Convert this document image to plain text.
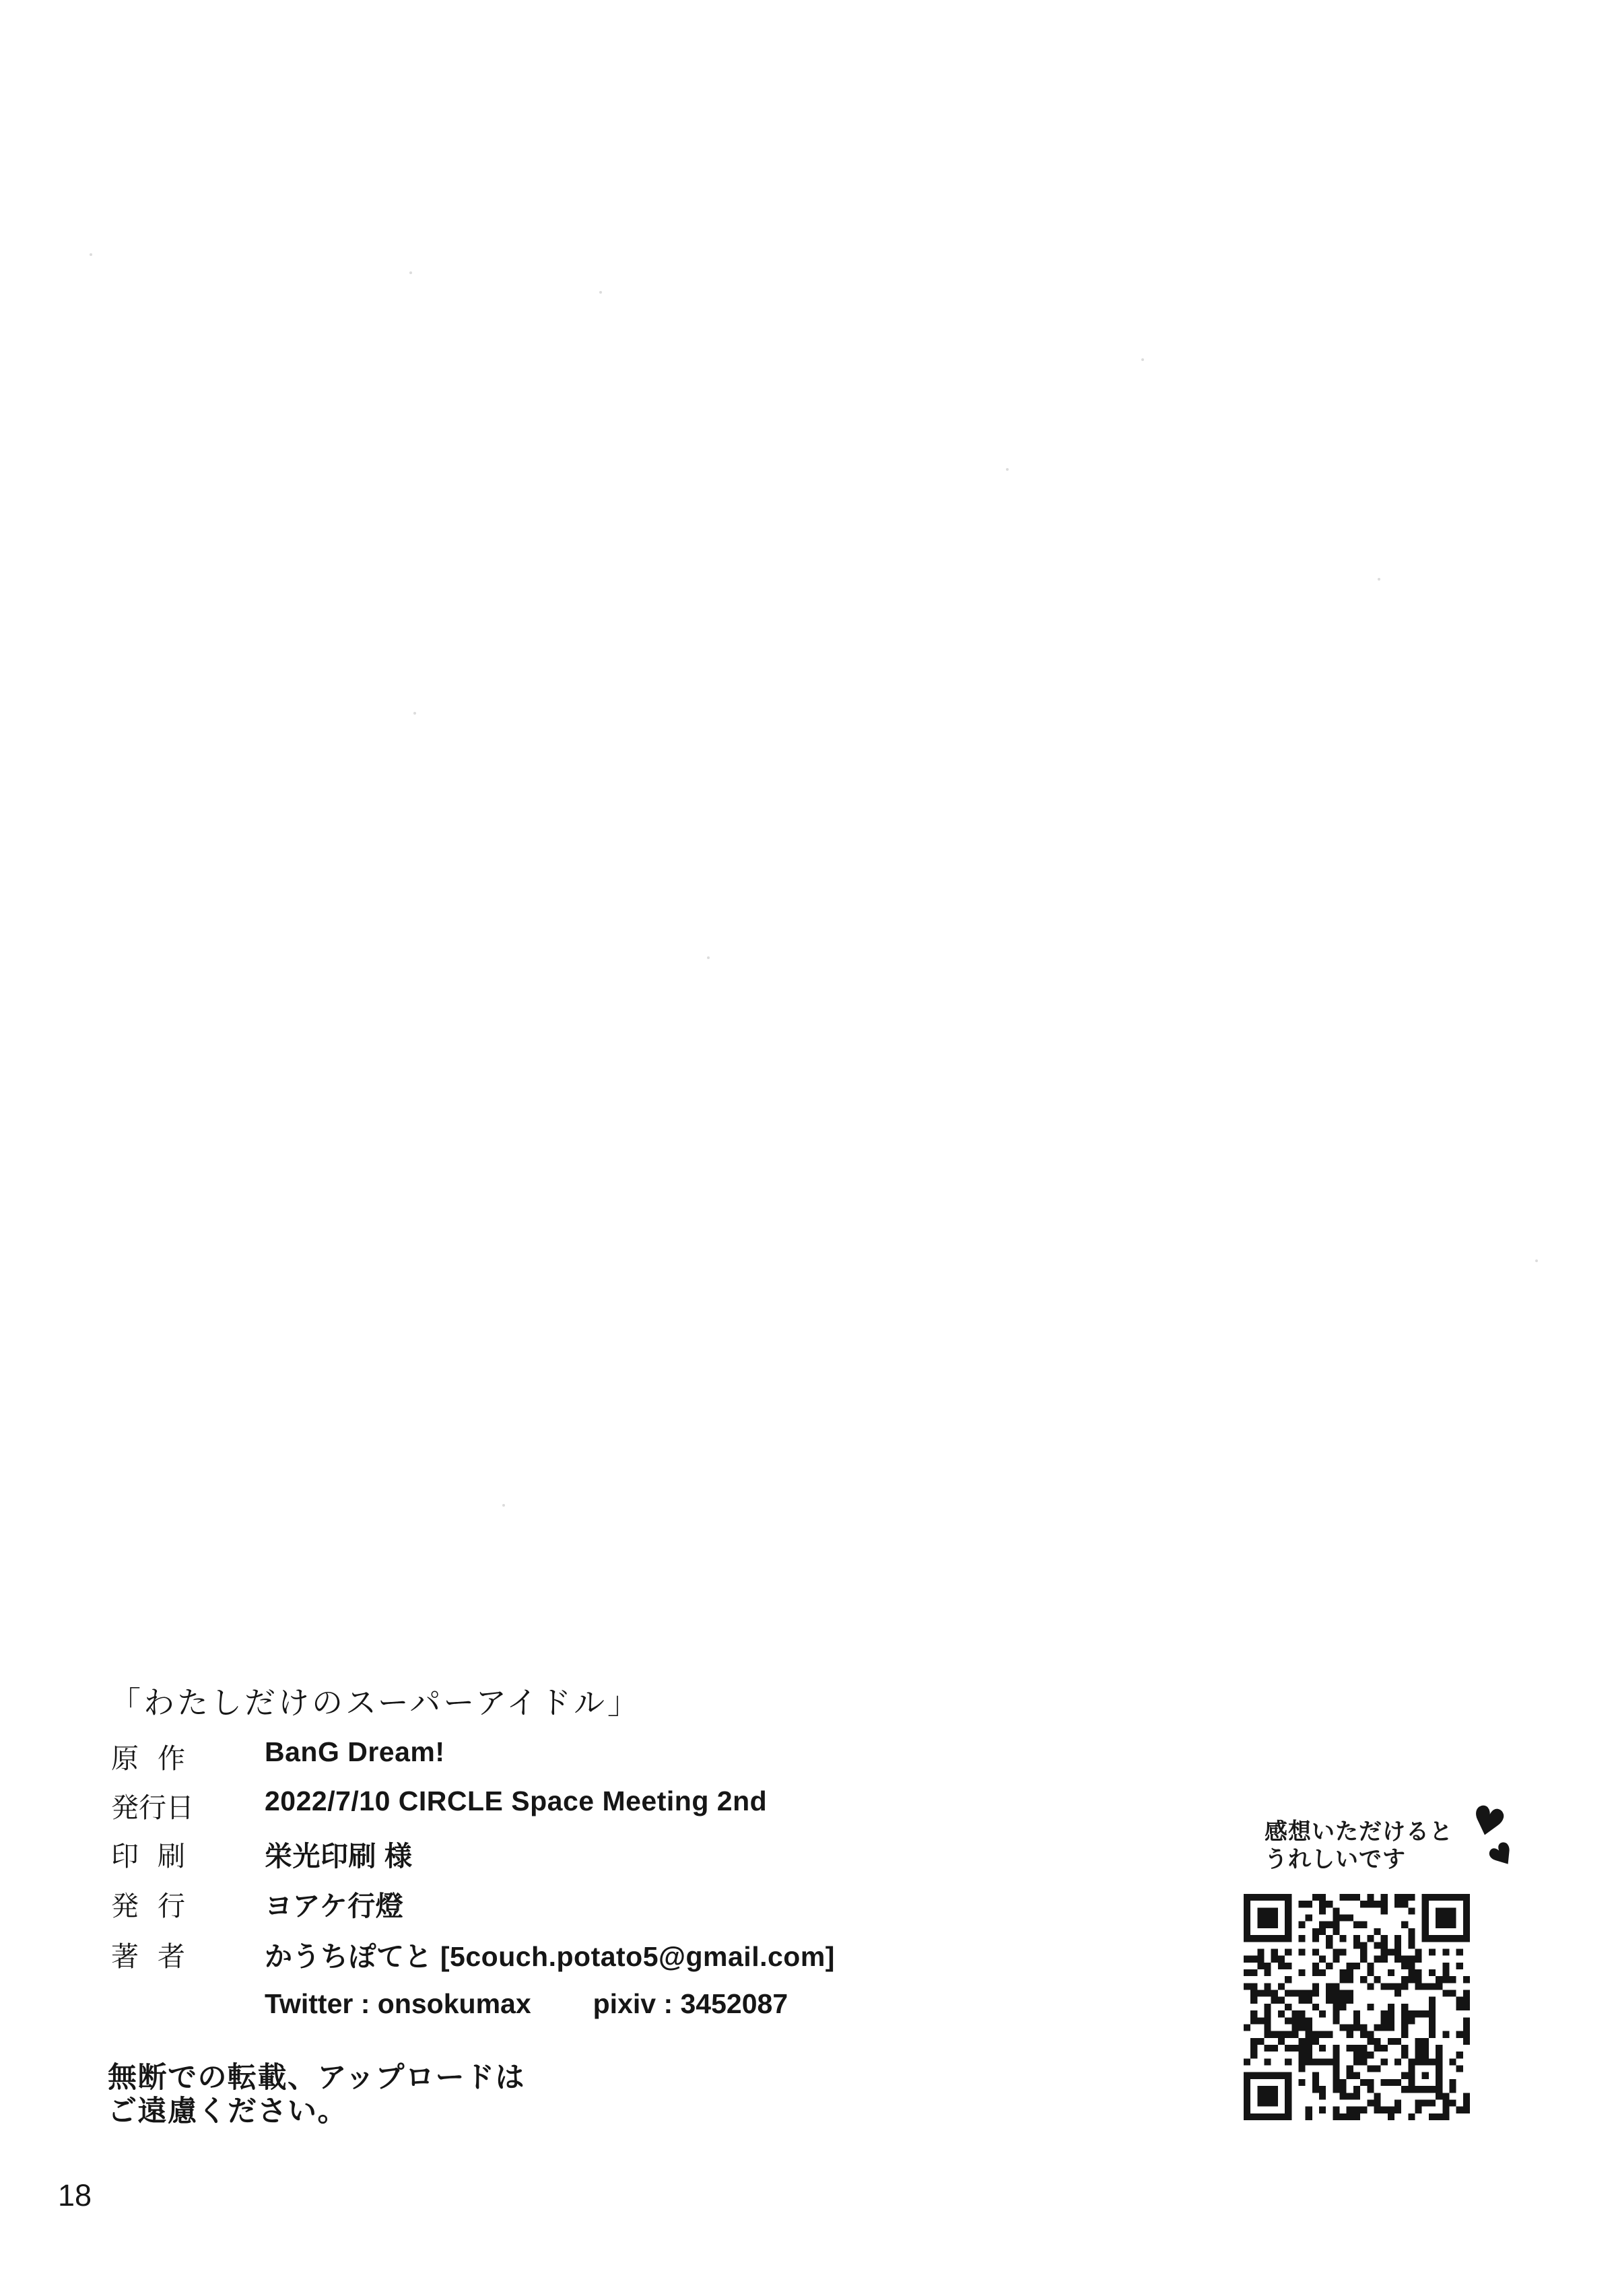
「わたしだけのスーパーアイドル」
原 作	BanG Dream!
発 行 日	2022/7/10 CIRCLE Space Meeting 2nd
印 刷	栄光印刷 様
発 行	ヨアケ行燈
著 者	かうちぽてと [5couch.potato5@gmail.com]
Twitter : onsokumax pixiv : 3452087
無断での転載、アップロードは
ご遠慮ください。
18
感想いただけると
うれしいです
♥
♥
